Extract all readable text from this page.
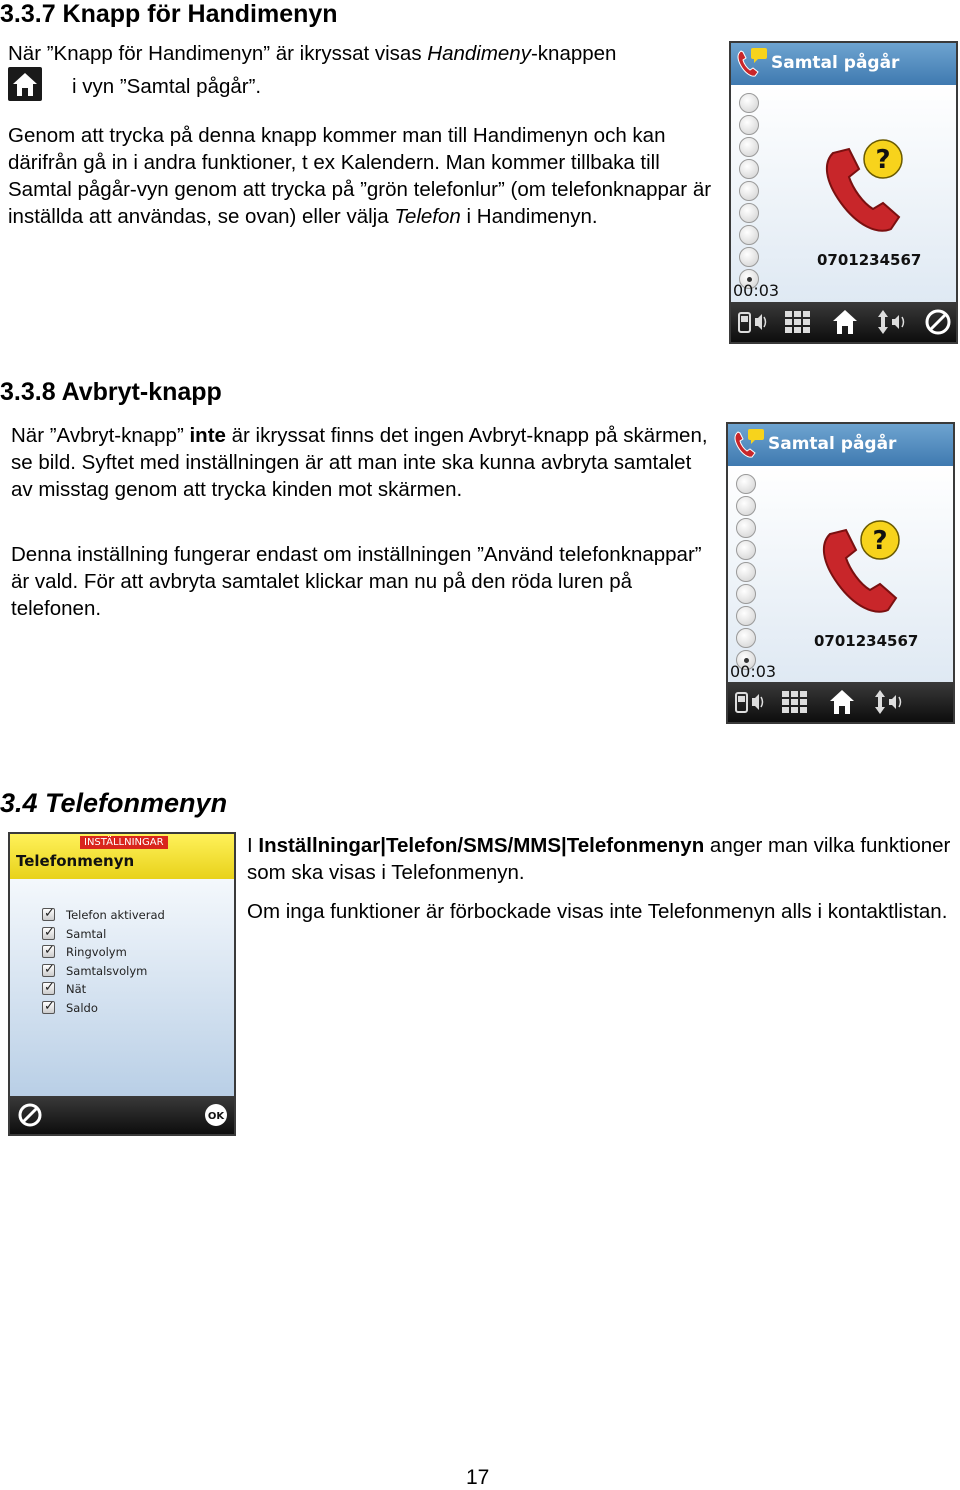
3.3.7 Knapp för Handimenyn

När ”Knapp för Handimenyn” är ikryssat visas Handimeny-knappen

i vyn ”Samtal pågår”.

Genom att trycka på denna knapp kommer man till Handimenyn och kan därifrån gå in i andra funktioner, t ex Kalendern. Man kommer tillbaka till Samtal pågår-vyn genom att trycka på ”grön telefonlur” (om telefonknappar är inställda att användas, se ovan) eller välja Telefon i Handimenyn.

Samtal pågår
?
0701234567
00:03
3.3.8 Avbryt-knapp

När ”Avbryt-knapp” inte är ikryssat finns det ingen Avbryt-knapp på skärmen, se bild. Syftet med inställningen är att man inte ska kunna avbryta samtalet av misstag genom att trycka kinden mot skärmen.

Denna inställning fungerar endast om inställningen ”Använd telefonknappar” är vald. För att avbryta samtalet klickar man nu på den röda luren på telefonen.

Samtal pågår
?
0701234567
00:03
3.4 Telefonmenyn
INSTÄLLNINGAR
Telefonmenyn
✓
Telefon aktiverad
✓
Samtal
✓
Ringvolym
✓
Samtalsvolym
✓
Nät
✓
Saldo
OK

I Inställningar|Telefon/SMS/MMS|Telefonmenyn anger man vilka funktioner som ska visas i Telefonmenyn.

Om inga funktioner är förbockade visas inte Telefonmenyn alls i kontaktlistan.

17
